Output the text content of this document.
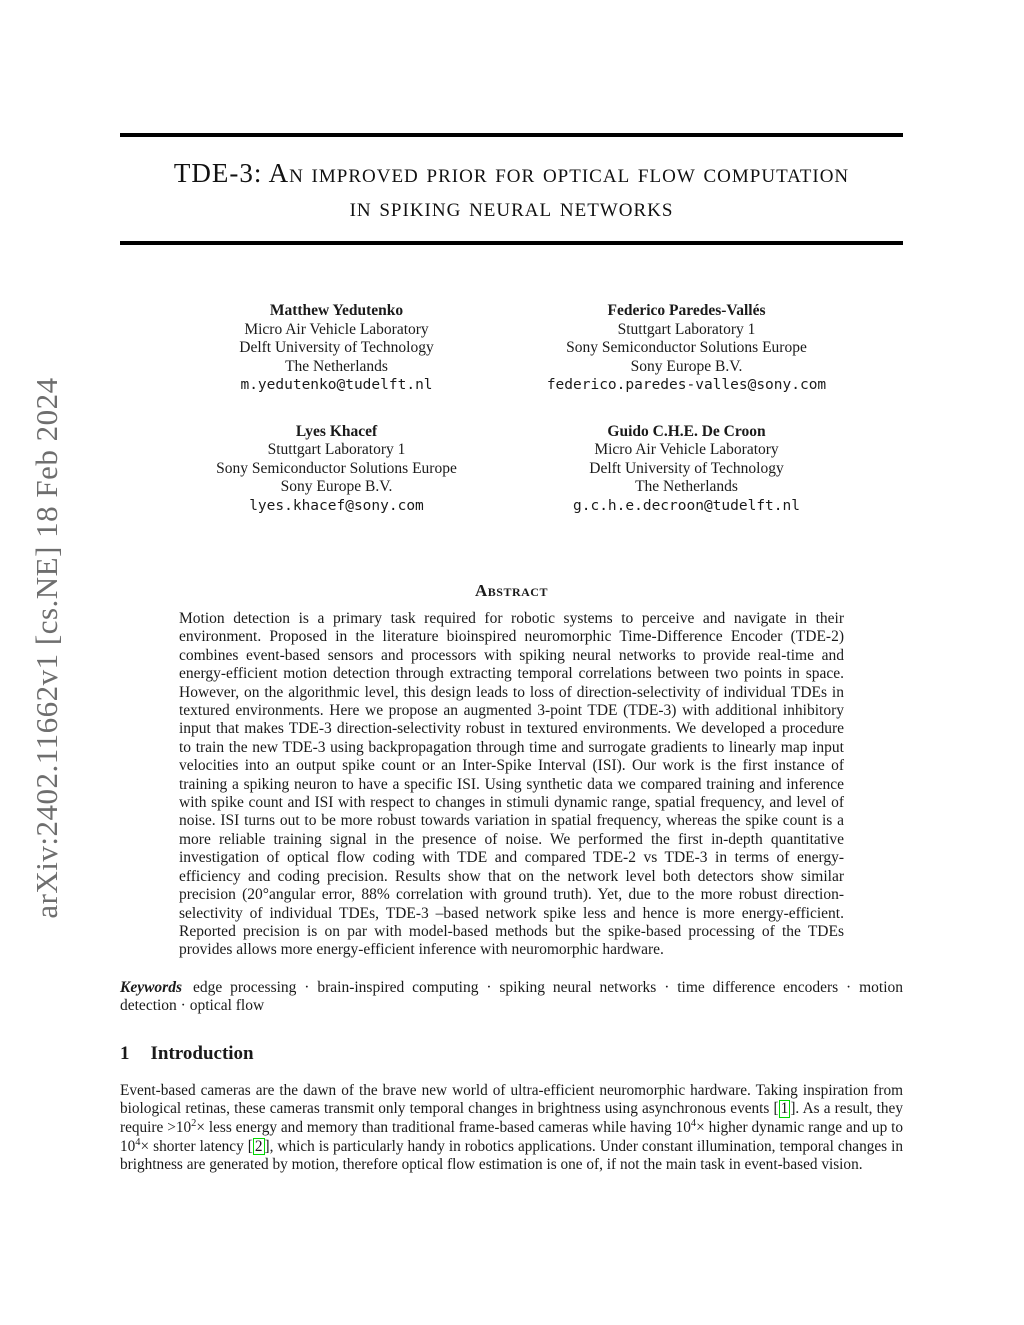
arXiv:2402.11662v1 [cs.NE] 18 Feb 2024
TDE-3: An improved prior for optical flow computation
in spiking neural networks
Matthew Yedutenko
Micro Air Vehicle Laboratory
Delft University of Technology
The Netherlands
m.yedutenko@tudelft.nl
Federico Paredes-Vallés
Stuttgart Laboratory 1
Sony Semiconductor Solutions Europe
Sony Europe B.V.
federico.paredes-valles@sony.com
Lyes Khacef
Stuttgart Laboratory 1
Sony Semiconductor Solutions Europe
Sony Europe B.V.
lyes.khacef@sony.com
Guido C.H.E. De Croon
Micro Air Vehicle Laboratory
Delft University of Technology
The Netherlands
g.c.h.e.decroon@tudelft.nl
Abstract

Motion detection is a primary task required for robotic systems to perceive and navigate in their environment. Proposed in the literature bioinspired neuromorphic Time-Difference Encoder (TDE-2) combines event-based sensors and processors with spiking neural networks to provide real-time and energy-efficient motion detection through extracting temporal correlations between two points in space. However, on the algorithmic level, this design leads to loss of direction-selectivity of individual TDEs in textured environments. Here we propose an augmented 3-point TDE (TDE-3) with additional inhibitory input that makes TDE-3 direction-selectivity robust in textured environments. We developed a procedure to train the new TDE-3 using backpropagation through time and surrogate gradients to linearly map input velocities into an output spike count or an Inter-Spike Interval (ISI). Our work is the first instance of training a spiking neuron to have a specific ISI. Using synthetic data we compared training and inference with spike count and ISI with respect to changes in stimuli dynamic range, spatial frequency, and level of noise. ISI turns out to be more robust towards variation in spatial frequency, whereas the spike count is a more reliable training signal in the presence of noise. We performed the first in-depth quantitative investigation of optical flow coding with TDE and compared TDE-2 vs TDE-3 in terms of energy-efficiency and coding precision. Results show that on the network level both detectors show similar precision (20°angular error, 88% correlation with ground truth). Yet, due to the more robust direction-selectivity of individual TDEs, TDE-3 –based network spike less and hence is more energy-efficient. Reported precision is on par with model-based methods but the spike-based processing of the TDEs provides allows more energy-efficient inference with neuromorphic hardware.

Keywords edge processing · brain-inspired computing · spiking neural networks · time difference encoders · motion detection · optical flow
1 Introduction

Event-based cameras are the dawn of the brave new world of ultra-efficient neuromorphic hardware. Taking inspiration from biological retinas, these cameras transmit only temporal changes in brightness using asynchronous events [ 1 ]. As a result, they require $>10^2\times$ less energy and memory than traditional frame-based cameras while having $10^4\times$ higher dynamic range and up to $10^4\times$ shorter latency [ 2 ], which is particularly handy in robotics applications. Under constant illumination, temporal changes in brightness are generated by motion, therefore optical flow estimation is one of, if not the main task in event-based vision.
